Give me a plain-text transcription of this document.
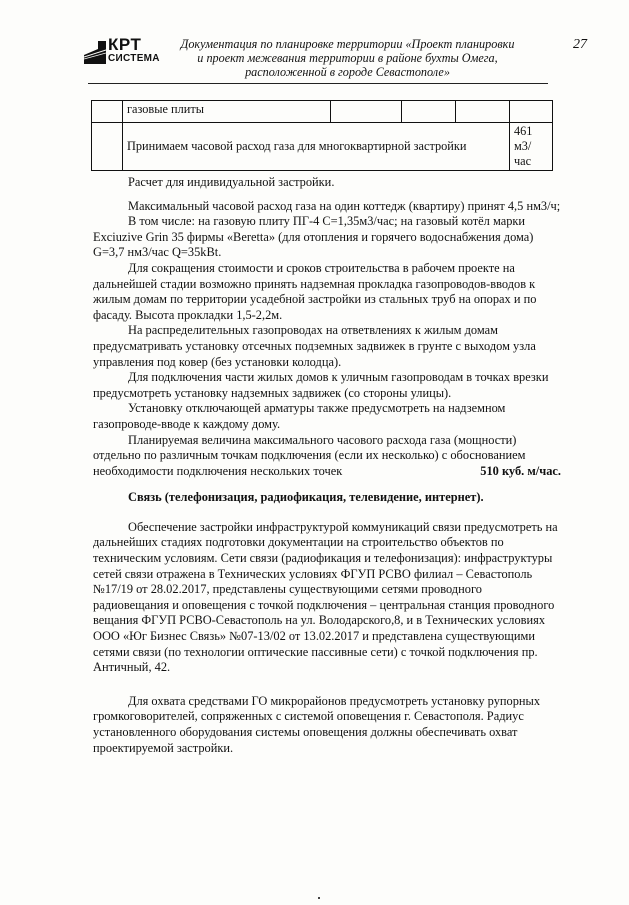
КРТ
СИСТЕМА
Документация по планировке территории «Проект планировки
и проект межевания территории в районе бухты Омега,
расположенной в городе Севастополе»
27
	газовые плиты				
	Принимаем часовой расход газа для многоквартирной застройки				461
м3/час

Расчет для индивидуальной застройки.

Максимальный часовой расход газа на один коттедж (квартиру) принят 4,5 нм3/ч;

В том числе: на газовую плиту ПГ-4 С=1,35м3/час; на газовый котёл марки Exciuzive Grin 35 фирмы «Beretta» (для отопления и горячего водоснабжения дома) G=3,7 нм3/час Q=35kBt.

Для сокращения стоимости и сроков строительства в рабочем проекте на дальнейшей стадии возможно принять надземная прокладка газопроводов-вводов к жилым домам по территории усадебной застройки из стальных труб на опорах и по фасаду. Высота прокладки 1,5-2,2м.

На распределительных газопроводах на ответвлениях к жилым домам предусматривать установку отсечных подземных задвижек в грунте с выходом узла управления под ковер (без установки колодца).

Для подключения части жилых домов к уличным газопроводам в точках врезки предусмотреть установку надземных задвижек (со стороны улицы).

Установку отключающей арматуры также предусмотреть на надземном газопроводе-вводе к каждому дому.

Планируемая величина максимального часового расхода газа (мощности) отдельно по различным точкам подключения (если их несколько) с обоснованием необходимости подключения нескольких точек	510 куб. м/час.

Связь (телефонизация, радиофикация, телевидение, интернет).

Обеспечение застройки инфраструктурой коммуникаций связи предусмотреть на дальнейших стадиях подготовки документации на строительство объектов по техническим условиям. Сети связи (радиофикация и телефонизация): инфраструктуры сетей связи отражена в Технических условиях ФГУП РСВО филиал – Севастополь №17/19 от 28.02.2017, представлены существующими сетями проводного радиовещания и оповещения с точкой подключения – центральная станция проводного вещания ФГУП РСВО-Севастополь на ул. Володарского,8, и в Технических условиях ООО «Юг Бизнес Связь» №07-13/02 от 13.02.2017 и представлена существующими сетями связи (по технологии оптические пассивные сети) с точкой подключения пр. Античный, 42.

Для охвата средствами ГО микрорайонов предусмотреть установку рупорных громкоговорителей, сопряженных с системой оповещения г. Севастополя. Радиус установленного оборудования системы оповещения должны обеспечивать охват проектируемой застройки.
